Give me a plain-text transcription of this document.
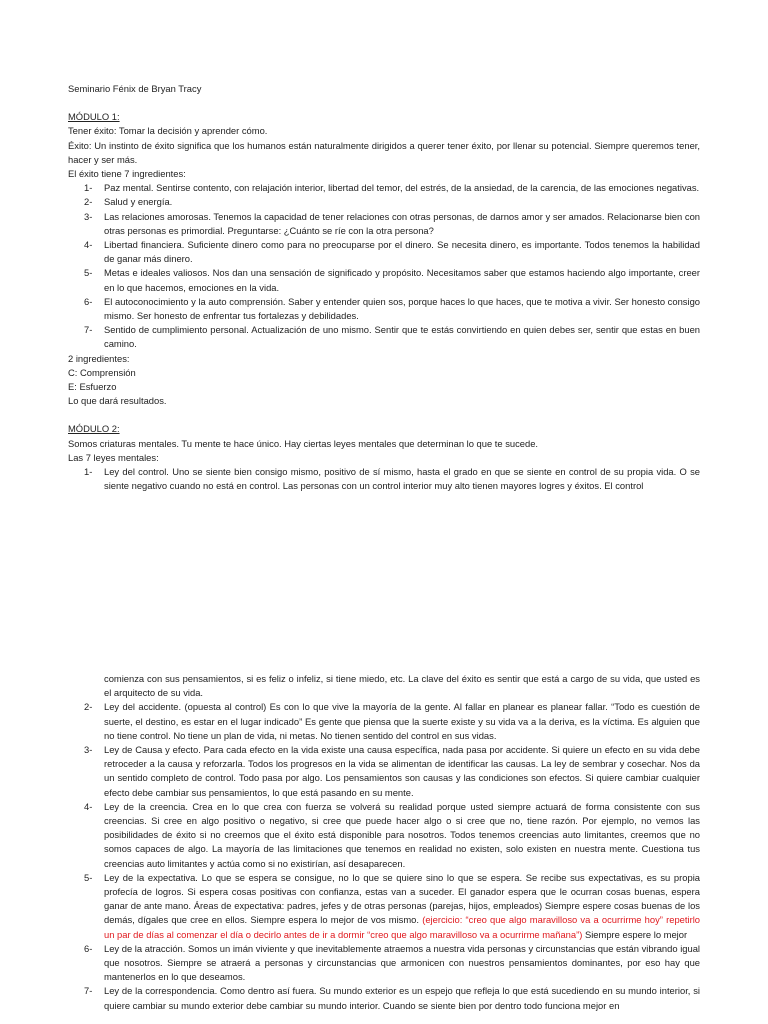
Seminario Fénix de Bryan Tracy

MÓDULO 1:

Tener éxito: Tomar la decisión y aprender cómo.

Éxito: Un instinto de éxito significa que los humanos están naturalmente dirigidos a querer tener éxito, por llenar su potencial. Siempre queremos tener, hacer y ser más.

El éxito tiene 7 ingredientes:

1- Paz mental. Sentirse contento, con relajación interior, libertad del temor, del estrés, de la ansiedad, de la carencia, de las emociones negativas.
2- Salud y energía.
3- Las relaciones amorosas. Tenemos la capacidad de tener relaciones con otras personas, de darnos amor y ser amados. Relacionarse bien con otras personas es primordial. Preguntarse: ¿Cuánto se ríe con la otra persona?
4- Libertad financiera. Suficiente dinero como para no preocuparse por el dinero. Se necesita dinero, es importante. Todos tenemos la habilidad de ganar más dinero.
5- Metas e ideales valiosos. Nos dan una sensación de significado y propósito. Necesitamos saber que estamos haciendo algo importante, creer en lo que hacemos, emociones en la vida.
6- El autoconocimiento y la auto comprensión. Saber y entender quien sos, porque haces lo que haces, que te motiva a vivir. Ser honesto consigo mismo. Ser honesto de enfrentar tus fortalezas y debilidades.
7- Sentido de cumplimiento personal. Actualización de uno mismo. Sentir que te estás convirtiendo en quien debes ser, sentir que estas en buen camino.

2 ingredientes:

C: Comprensión

E: Esfuerzo

Lo que dará resultados.

MÓDULO 2:

Somos criaturas mentales. Tu mente te hace único. Hay ciertas leyes mentales que determinan lo que te sucede.

Las 7 leyes mentales:

1- Ley del control. Uno se siente bien consigo mismo, positivo de sí mismo, hasta el grado en que se siente en control de su propia vida. O se siente negativo cuando no está en control. Las personas con un control interior muy alto tienen mayores logres y éxitos. El control

comienza con sus pensamientos, si es feliz o infeliz, si tiene miedo, etc. La clave del éxito es sentir que está a cargo de su vida, que usted es el arquitecto de su vida.

2- Ley del accidente. (opuesta al control) Es con lo que vive la mayoría de la gente. Al fallar en planear es planear fallar. “Todo es cuestión de suerte, el destino, es estar en el lugar indicado” Es gente que piensa que la suerte existe y su vida va a la deriva, es la víctima. Es alguien que no tiene control. No tiene un plan de vida, ni metas. No tienen sentido del control en sus vidas.
3- Ley de Causa y efecto. Para cada efecto en la vida existe una causa específica, nada pasa por accidente. Si quiere un efecto en su vida debe retroceder a la causa y reforzarla. Todos los progresos en la vida se alimentan de identificar las causas. La ley de sembrar y cosechar. Nos da un sentido completo de control. Todo pasa por algo. Los pensamientos son causas y las condiciones son efectos. Si quiere cambiar cualquier efecto debe cambiar sus pensamientos, lo que está pasando en su mente.
4- Ley de la creencia. Crea en lo que crea con fuerza se volverá su realidad porque usted siempre actuará de forma consistente con sus creencias. Si cree en algo positivo o negativo, si cree que puede hacer algo o si cree que no, tiene razón. Por ejemplo, no vemos las posibilidades de éxito si no creemos que el éxito está disponible para nosotros. Todos tenemos creencias auto limitantes, creemos que no somos capaces de algo. La mayoría de las limitaciones que tenemos en realidad no existen, solo existen en nuestra mente. Cuestiona tus creencias auto limitantes y actúa como si no existirían, así desaparecen.
5- Ley de la expectativa. Lo que se espera se consigue, no lo que se quiere sino lo que se espera. Se recibe sus expectativas, es su propia profecía de logros. Si espera cosas positivas con confianza, estas van a suceder. El ganador espera que le ocurran cosas buenas, espera ganar de ante mano. Áreas de expectativa: padres, jefes y de otras personas (parejas, hijos, empleados) Siempre espere cosas buenas de los demás, dígales que cree en ellos. Siempre espera lo mejor de vos mismo. (ejercicio: “creo que algo maravilloso va a ocurrirme hoy” repetirlo un par de días al comenzar el día o decirlo antes de ir a dormir “creo que algo maravilloso va a ocurrirme mañana”) Siempre espere lo mejor
6- Ley de la atracción. Somos un imán viviente y que inevitablemente atraemos a nuestra vida personas y circunstancias que están vibrando igual que nosotros. Siempre se atraerá a personas y circunstancias que armonicen con nuestros pensamientos dominantes, por eso hay que mantenerlos en lo que deseamos.
7- Ley de la correspondencia. Como dentro así fuera. Su mundo exterior es un espejo que refleja lo que está sucediendo en su mundo interior, si quiere cambiar su mundo exterior debe cambiar su mundo interior. Cuando se siente bien por dentro todo funciona mejor en
